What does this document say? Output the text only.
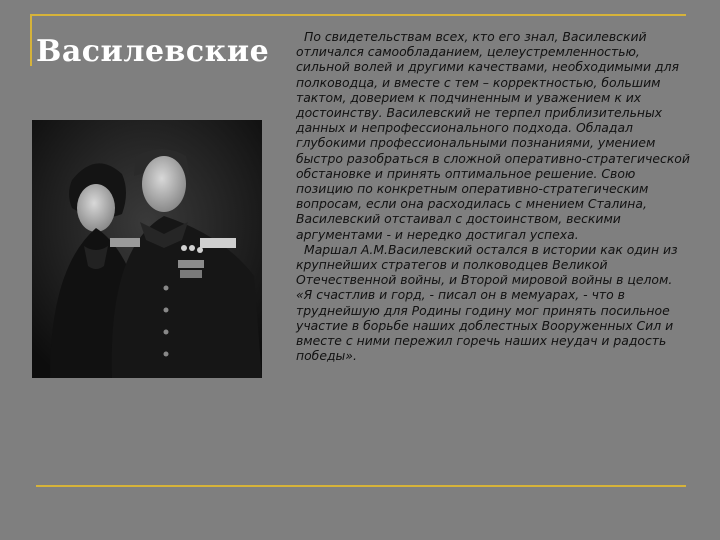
Василевские	По свидетельствам всех, кто его знал, Василевский отличался самообладанием, целеустремленностью, сильной волей и другими качествами, необходимыми для полководца, и вместе с тем – корректностью, большим тактом, доверием к подчиненным и уважением к их достоинству. Василевский не терпел приблизительных данных и непрофессионального подхода. Обладал глубокими профессиональными познаниями, умением быстро разобраться в сложной оперативно-стратегической обстановке и принять оптимальное решение. Свою позицию по конкретным оперативно-стратегическим вопросам, если она расходилась с мнением Сталина, Василевский отстаивал с достоинством, вескими аргументами - и нередко достигал успеха.

Маршал А.М.Василевский остался в истории как один из крупнейших стратегов и полководцев Великой Отечественной войны, и Второй мировой войны в целом. «Я счастлив и горд, - писал он в мемуарах, - что в труднейшую для Родины годину мог принять посильное участие в борьбе наших доблестных Вооруженных Сил и вместе с ними пережил горечь наших неудач и радость победы».
